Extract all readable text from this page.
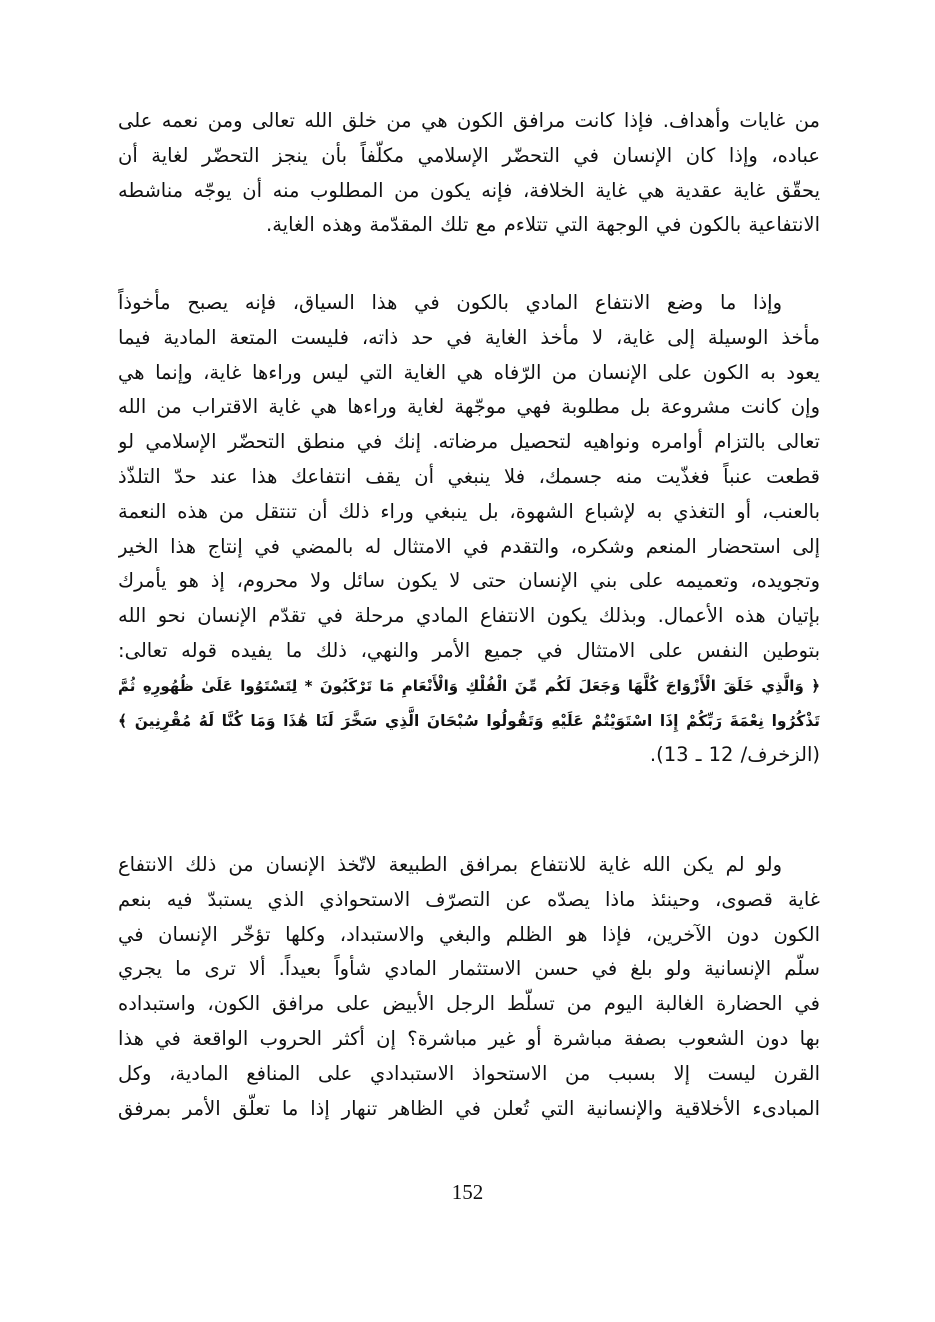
من غايات وأهداف. فإذا كانت مرافق الكون هي من خلق الله تعالى ومن نعمه على
عباده، وإذا كان الإنسان في التحضّر الإسلامي مكلّفاً بأن ينجز التحضّر لغاية أن
يحقّق غاية عقدية هي غاية الخلافة، فإنه يكون من المطلوب منه أن يوجّه مناشطه
الانتفاعية بالكون في الوجهة التي تتلاءم مع تلك المقدّمة وهذه الغاية.
وإذا ما وضع الانتفاع المادي بالكون في هذا السياق، فإنه يصبح مأخوذاً
مأخذ الوسيلة إلى غاية، لا مأخذ الغاية في حد ذاته، فليست المتعة المادية فيما
يعود به الكون على الإنسان من الرّفاه هي الغاية التي ليس وراءها غاية، وإنما هي
وإن كانت مشروعة بل مطلوبة فهي موجّهة لغاية وراءها هي غاية الاقتراب من الله
تعالى بالتزام أوامره ونواهيه لتحصيل مرضاته. إنك في منطق التحضّر الإسلامي لو
قطعت عنباً فغذّيت منه جسمك، فلا ينبغي أن يقف انتفاعك هذا عند حدّ التلذّذ
بالعنب، أو التغذي به لإشباع الشهوة، بل ينبغي وراء ذلك أن تنتقل من هذه النعمة
إلى استحضار المنعم وشكره، والتقدم في الامتثال له بالمضي في إنتاج هذا الخير
وتجويده، وتعميمه على بني الإنسان حتى لا يكون سائل ولا محروم، إذ هو يأمرك
بإتيان هذه الأعمال. وبذلك يكون الانتفاع المادي مرحلة في تقدّم الإنسان نحو الله
بتوطين النفس على الامتثال في جميع الأمر والنهي، ذلك ما يفيده قوله تعالى:
﴿ وَالَّذِي خَلَقَ الْأَزْوَاجَ كُلَّهَا وَجَعَلَ لَكُم مِّنَ الْفُلْكِ وَالْأَنْعَامِ مَا تَرْكَبُونَ * لِتَسْتَوُوا عَلَىٰ ظُهُورِهِ ثُمَّ
تَذْكُرُوا نِعْمَةَ رَبِّكُمْ إِذَا اسْتَوَيْتُمْ عَلَيْهِ وَتَقُولُوا سُبْحَانَ الَّذِي سَخَّرَ لَنَا هَٰذَا وَمَا كُنَّا لَهُ مُقْرِنِينَ ﴾
(الزخرف/ 12 ـ 13).
ولو لم يكن الله غاية للانتفاع بمرافق الطبيعة لاتّخذ الإنسان من ذلك الانتفاع
غاية قصوى، وحينئذ ماذا يصدّه عن التصرّف الاستحواذي الذي يستبدّ فيه بنعم
الكون دون الآخرين، فإذا هو الظلم والبغي والاستبداد، وكلها تؤخّر الإنسان في
سلّم الإنسانية ولو بلغ في حسن الاستثمار المادي شأواً بعيداً. ألا ترى ما يجري
في الحضارة الغالبة اليوم من تسلّط الرجل الأبيض على مرافق الكون، واستبداده
بها دون الشعوب بصفة مباشرة أو غير مباشرة؟ إن أكثر الحروب الواقعة في هذا
القرن ليست إلا بسبب من الاستحواذ الاستبدادي على المنافع المادية، وكل
المبادىء الأخلاقية والإنسانية التي تُعلن في الظاهر تنهار إذا ما تعلّق الأمر بمرفق
152
